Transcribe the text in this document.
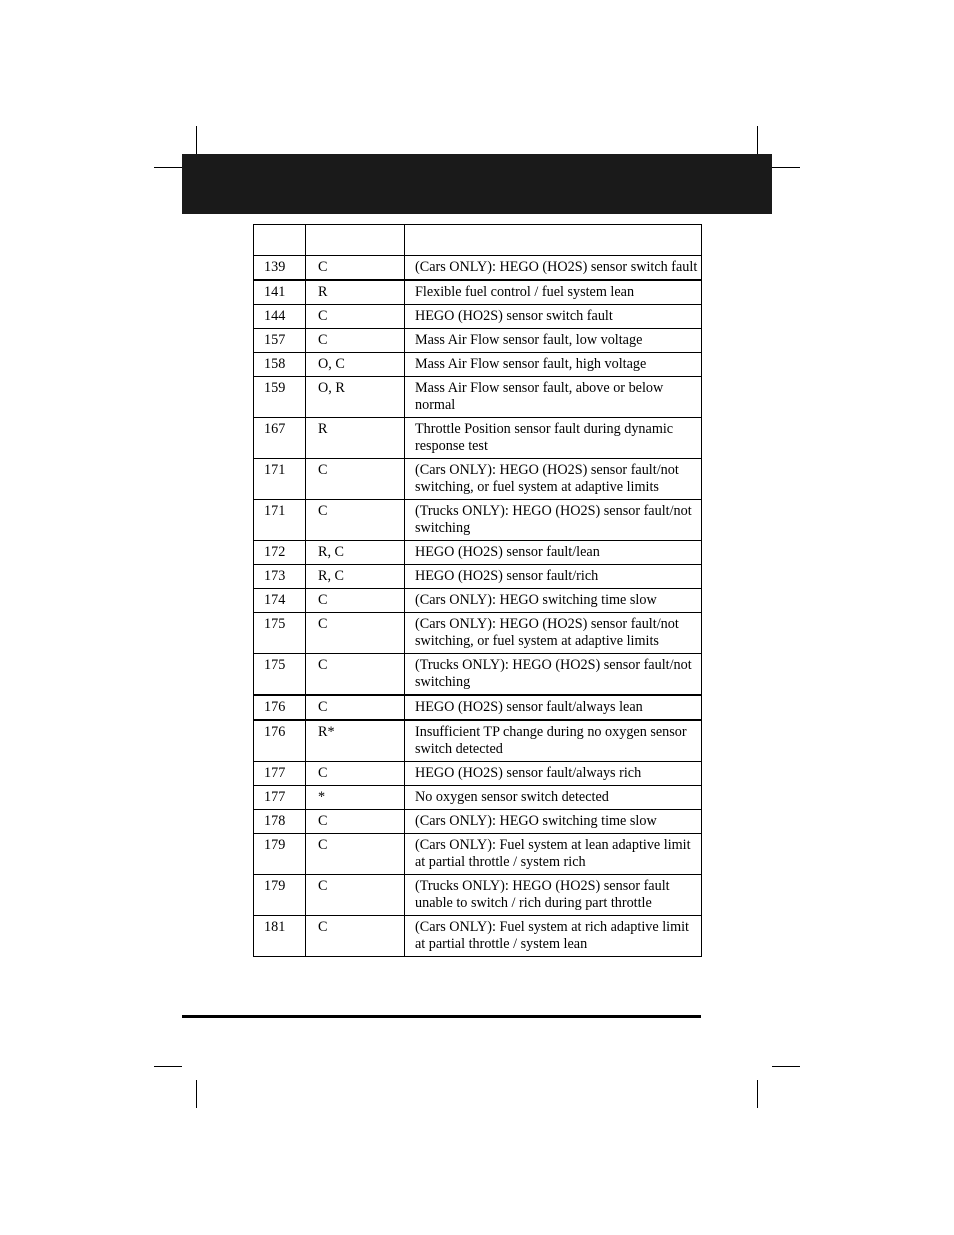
139	C	(Cars ONLY): HEGO (HO2S) sensor switch fault
141	R	Flexible fuel control / fuel system lean
144	C	HEGO (HO2S) sensor switch fault
157	C	Mass Air Flow sensor fault, low voltage
158	O, C	Mass Air Flow sensor fault, high voltage
159	O, R	Mass Air Flow sensor fault, above or below normal
167	R	Throttle Position sensor fault during dynamic response test
171	C	(Cars ONLY): HEGO (HO2S) sensor fault/not switching, or fuel system at adaptive limits
171	C	(Trucks ONLY): HEGO (HO2S) sensor fault/not switching
172	R, C	HEGO (HO2S) sensor fault/lean
173	R, C	HEGO (HO2S) sensor fault/rich
174	C	(Cars ONLY): HEGO switching time slow
175	C	(Cars ONLY): HEGO (HO2S) sensor fault/not switching, or fuel system at adaptive limits
175	C	(Trucks ONLY): HEGO (HO2S) sensor fault/not switching
176	C	HEGO (HO2S) sensor fault/always lean
176	R*	Insufficient TP change during no oxygen sensor switch detected
177	C	HEGO (HO2S) sensor fault/always rich
177	*	No oxygen sensor switch detected
178	C	(Cars ONLY): HEGO switching time slow
179	C	(Cars ONLY): Fuel system at lean adaptive limit at partial throttle / system rich
179	C	(Trucks ONLY): HEGO (HO2S) sensor fault unable to switch / rich during part throttle
181	C	(Cars ONLY): Fuel system at rich adaptive limit at partial throttle / system lean
